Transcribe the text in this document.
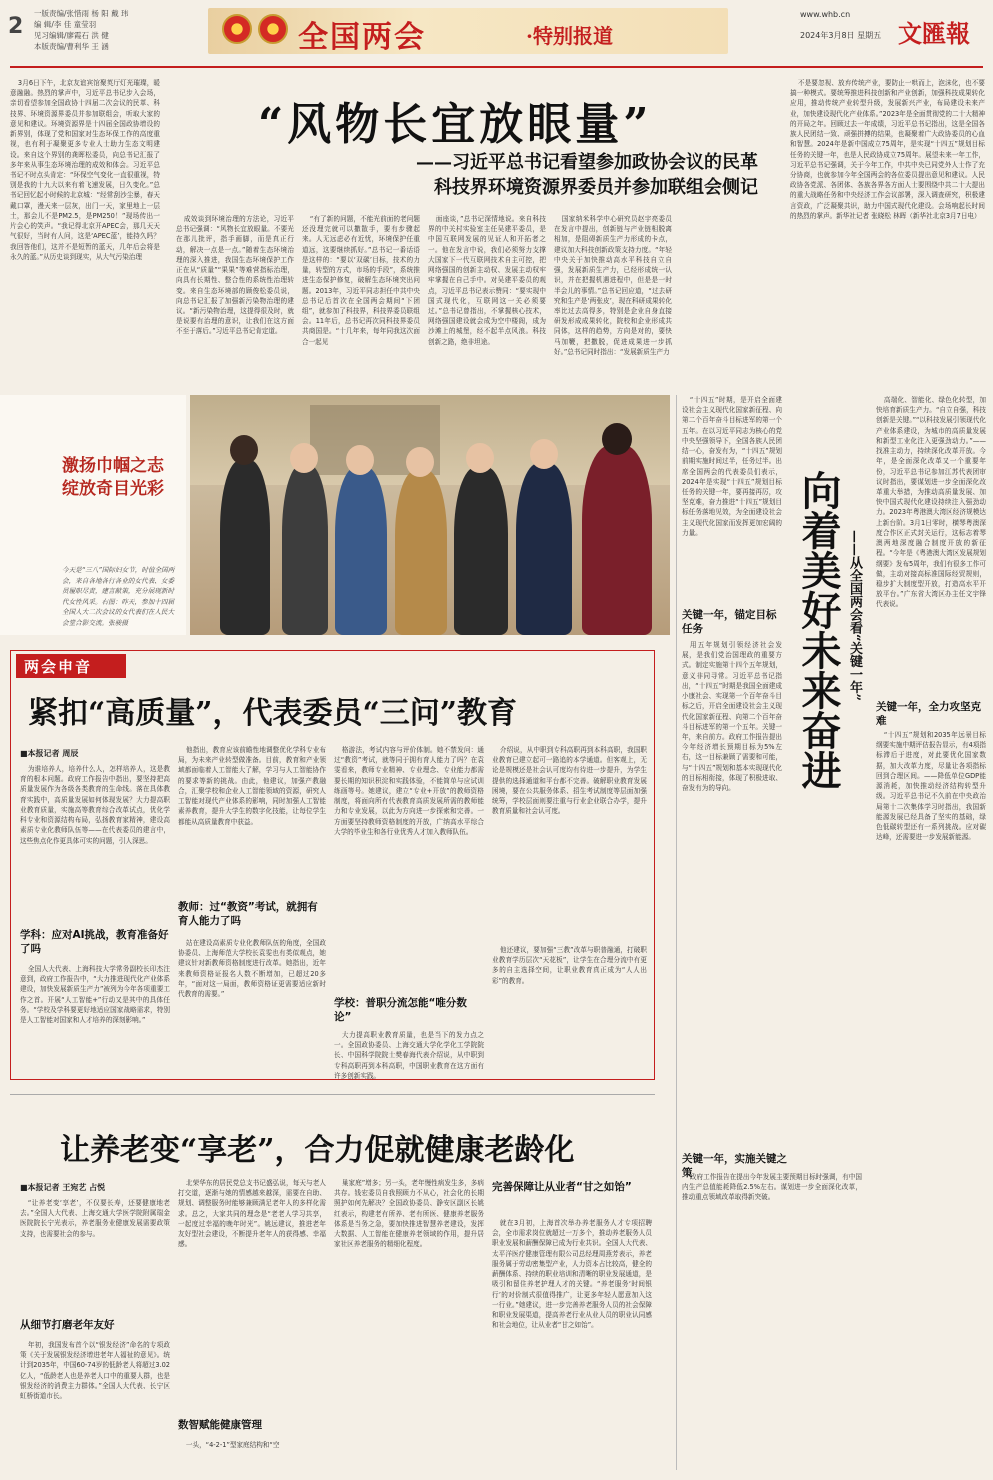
2
一版责编/张惜雨 杨 阳 戴 玮
编 辑/李 佳 童莹羽
见习编辑/廖霞石 洪 健
本版责编/曹利华 王 涵	全国两会	·特别报道
www.whb.cn
2024年3月8日 星期五 文匯報

3月6日下午，北京友谊宾馆聚英厅灯光璀璨，暖意融融。热烈的掌声中，习近平总书记步入会场，亲切看望参加全国政协十四届二次会议的民革、科技界、环境资源界委员并参加联组会，听取大家的意见和建议。环境资源界是十四届全国政协增设的新界别，体现了党和国家对生态环保工作的高度重视，也有利于凝聚更多专业人士助力生态文明建设。来自这个界别的龚晖松委员，向总书记汇报了多年来从事生态环境治理的成效和体会。习近平总书记不时点头肯定：“环保空气变化一直很重视，特别是我的十九大以来有着飞速发展，日久变化。”总书记回忆起小时候的北京城：“经常刮沙尘暴，春天戴口罩，漫天来一层灰，出门一天，家里地上一层土，那会儿不是PM2.5，是PM250！”现场传出一片会心的笑声。“我记得北京开APEC会，那几天天气很好，当时有人问，这是‘APEC蓝’，能持久吗？我回答他们，这并不是短暂的蓝天，几年后会将是永久的蓝。”从历史谈到现实，从大气污染治理

“风物长宜放眼量”
——习近平总书记看望参加政协会议的民革
科技界环境资源界委员并参加联组会侧记

成效谈到环境治理的方法论，习近平总书记强调：“风物长宜放眼量。不要光在那儿批评，指手画脚，而是真正行动，解决一点是一点。”随着生态环境治理的深入推进，我国生态环境保护工作正在从“质量”“果果”等难营指标治理，向具有长期性、整合性的系统性治理转变。来自生态环境部的顾俊松委员说，向总书记汇报了加强新污染物治理的建议。“新污染物治理，这提得很及时，就是说要有治理的意识，让我们在这方面不至于落后。”习近平总书记肯定道。

“有了新的问题，不能光前面的老问题还没理完就可以撒散手，要有步骤起来。人无远虑必有近忧，环境保护任重道远，这要继续抓好。”总书记一番话语是这样的：“要以‘双碳’目标，技术的力量，转型的方式，市场的手段”，系统推进生态保护修复，破解生态环境突出问题。2013年，习近平同志担任中共中央总书记后首次在全国两会期间“下团组”，就参加了科技界，科技界委员联组会。11年后，总书记再次同科技界委员共商国是。“十几年来，每年同我这次面合一起见

面座谈，”总书记深情地说。来自科技界的中关村实验室主任吴建平委员，是中国互联网发展的见证人和开拓者之一。他在发言中说，我们必须努力支撑大国家下一代互联网技术自主可控，把网络强国的创新主动权、发展主动权牢牢掌握在自己手中。对吴建平委员的观点，习近平总书记表示赞同：“要实现中国式现代化，互联网这一关必须要过。”总书记曾指出，不掌握核心技术，网络强国建设就会成为空中楼阁，成为沙滩上的城堡，经不起半点风浪。科技创新之路，绝非坦途。

国家纳米科学中心研究员赵宇亮委员在发言中提出，创新链与产业链相脱离相加，是阻碍新质生产力形成的卡点，建议加大科技创新政策支持力度。“年轻中央关于加快推动高水平科技自立自强，发展新质生产力，已经形成统一认识，并在把握机遇进程中，但是是一时半会儿的事情。”总书记回应道，“过去研究和生产是‘两张皮’，现在科研成果转化率比过去高得多，特别是企业自身直接研发形成成果转化，院校和企业形成共同体，这样的趋势，方向是对的，要快马加鞭，把撒脱，促进成果进一步抓好。”总书记同时指出：“发展新质生产力

不是要忽视、放弃传统产业，要防止一哄而上，泡沫化，也不要搞一种模式。要统筹推进科技创新和产业创新，加强科技成果转化应用，推动传统产业转型升级，发展新兴产业，布局建设未来产业，加快建设现代化产业体系。”2023年是全面贯彻党的二十大精神的开局之年。回顾过去一年成绩，习近平总书记指出，这是全国各族人民团结一致、顽强拼搏的结果，也凝聚着广大政协委员的心血和智慧。2024年是新中国成立75周年，是实现“十四五”规划目标任务的关键一年，也是人民政协成立75周年。展望未来一年工作，习近平总书记强调，关于今年工作，中共中央已同党外人士作了充分协商，也就参加今年全国两会的各位委员提出意见和建议。人民政协各党派、各团体、各族各界各方面人士要围绕中共二十大提出的重大战略任务和中央经济工作会议部署，深入调查研究，积极建言资政，广泛凝聚共识，助力中国式现代化建设。会场响起长时间的热烈的掌声。新华社记者 张晓松 林晖（新华社北京3月7日电）

激扬巾帼之志
绽放奇目光彩
今天是“三八”国际妇女节，时值全国两会，来自各地各行各业的女代表、女委员履职尽责，建言献策，充分展现新时代女性风采。右图：昨天，参加十四届全国人大二次会议的女代表们在人民大会堂合影交流。张骏摄

“十四五”时期，是开启全面建设社会主义现代化国家新征程、向第二个百年奋斗目标进军的第一个五年。在以习近平同志为核心的党中央坚强领导下，全国各族人民团结一心，奋发有为，“十四五”规划前期实施时间过半，任务过半。出席全国两会的代表委员们表示，2024年是实现“十四五”规划目标任务的关键一年，要再接再厉，攻坚克难，奋力推进“十四五”规划目标任务落地见效，为全面建设社会主义现代化国家而发挥更加宏阔的力量。	向着美好未来奋进 ——从全国两会看“关键一年”

高端化、智能化、绿色化转型，加快培育新质生产力。“自立自强，科技创新是关键。”“以科技发展引领现代化产业体系建设，为城市的高质量发展和新型工业化注入更强劲动力。”——找准主动力，持续深化改革开放。今年，是全面深化改革又一个重要年份，习近平总书记参加江苏代表团审议时指出，要谋划进一步全面深化改革重大举措，为推动高质量发展、加快中国式现代化建设持续注入强劲动力。2023年粤港澳大湾区经济规模达上新台阶。3月1日零时，横琴粤澳深度合作区正式封关运行，这标志着琴澳两地深度融合制度开放的新征程。“今年是《粤港澳大湾区发展规划纲要》发布5周年，我们有很多工作可做，主动对接高标准国际经贸规则，稳步扩大制度型开放，打造高水平开放平台。”广东省大湾区办主任文宇锋代表说。

关键一年，锚定目标任务

用五年规划引领经济社会发展，是我们党治国理政的重要方式。制定实施第十四个五年规划，意义非同寻常。习近平总书记指出，“十四五”时期是我国全面建成小康社会、实现第一个百年奋斗目标之后，开启全面建设社会主义现代化国家新征程、向第二个百年奋斗目标进军的第一个五年。关键一年，来自前方。政府工作报告提出今年经济增长预期目标为5%左右，这一目标兼顾了需要和可能，与“十四五”规划和基本实现现代化的目标相衔接，体现了积极进取、奋发有为的导向。

关键一年，全力攻坚克难

“十四五”规划和2035年远景目标纲要实施中期评估报告显示，有4项指标滞后于进度，对此要优化国家数据，加大改革力度，尽量让各项指标回到合理区间。——降低单位GDP能源消耗，加快推动经济结构转型升级。习近平总书记不久前在中央政治局第十二次集体学习时指出，我国新能源发展已经具备了坚实的基础，绿色低碳转型还有一系列挑战。应对碳达峰，还需要进一步发展新能源。

关键一年，实施关键之策

政府工作报告在提出今年发展主要预期目标时强调，有中国内生产总值能耗降低2.5%左右。谋划进一步全面深化改革，推动重点领域改革取得新突破。

两会申音
紧扣“高质量”，代表委员“三问”教育
■本报记者 周辰

为谁培养人，培养什么人，怎样培养人，这是教育的根本问题。政府工作报告中指出，要坚持把高质量发展作为各级各类教育的生命线。落在具体教育实践中，高质量发展如何体现发展？大力提高职业教育质量，实施高等教育综合改革试点，优化学科专业和资源结构布局，弘扬教育家精神，建设高素质专业化教师队伍等——在代表委员的建言中，这些焦点化作更具体可实的问题，引人深思。

学科：应对AI挑战，教育准备好了吗

全国人大代表、上海科技大学常务副校长印杰注意到，政府工作报告中，“大力推进现代化产业体系建设，加快发展新质生产力”被列为今年各项重要工作之首。开展“人工智能+”行动又是其中的具体任务。“学校及学科要更好地适应国家战略需求，特别是人工智能对国家和人才培养的深刻影响。”

他指出，教育应该前瞻性地调整优化学科专业布局，为未来产业转型做准备。目前，教育和产业领域都面临着人工智能大了解，学习与人工智能协作的要求等新的挑战。由此，他建议，加强产教融合，汇聚学校和企业人工智能领域的资源，研究人工智能对现代产业体系的影响，同时加强人工智能素养教育，提升大学生的数字化技能，让每位学生都能从高质量教育中获益。

教师：过“教资”考试，就拥有育人能力了吗

站在建设高素质专业化教师队伍的角度，全国政协委员、上海师范大学校长袁雯也有类似观点，她建议针对新教师资格制度进行改革。她指出，近年来教师资格证报名人数不断增加，已超过20多年，“面对这一局面，教师资格证更需要适应新时代教育的需要。”

格游法，考试内容与评价体制。她不禁发问：通过“教资”考试，就等同于拥有育人能力了吗？在袁雯看来，教师专业精神、专业理念、专业能力都需要长期的知识积淀和实践体验，不能简单与应试训练画等号。她建议，建立“专业+开放”的教师资格制度，将面向所有代表教育高质发展所需的教师能力和专业发展，以此为方向进一步探索和完善。一方面要坚持教师资格制度的开放，广纳高水平综合大学的毕业生和各行业优秀人才加入教师队伍。

学校：普职分流怎能“唯分数论”

大力提高职业教育质量，也是当下的发力点之一。全国政协委员、上海交通大学化学化工学院院长、中国科学院院士樊春海代表介绍说，从中职到专科高职再到本科高职，中国职业教育在这方面有许多创新实践。

介绍说，从中职到专科高职再到本科高职，我国职业教育已建立起可一路追的本学通道。但客观上，无论是规模还是社会认可度均有待进一步提升，为学生提供的选择通道和平台都不完善。破解职业教育发展困境，要在公共服务体系、招生考试制度等层面加强统筹，学校层面则要注重与行业企业联合办学，提升教育质量和社会认可度。

他还建议，要加强“三教”改革与职普融通，打破职业教育学历层次“天花板”，让学生在合理分流中有更多的自主选择空间，让职业教育真正成为“人人出彩”的教育。

让养老变“享老”，合力促就健康老龄化
■本报记者 王宛艺 占悦

“让养老变‘享老’，不仅要长寿，还要健康地老去。”全国人大代表、上海交通大学医学院附属瑞金医院院长宁光表示，养老服务业健康发展需要政策支持，也需要社会的参与。

从细节打磨老年友好

年初，我国发布首个以“银发经济”命名的专项政策《关于发展银发经济增进老年人福祉的意见》。统计到2035年，中国60-74岁的低龄老人将超过3.02亿人，“低龄老人也是养老人口中的重要人群，也是银发经济的消费主力群体。”全国人大代表、长宁区虹桥街道市长。

北荣华东的居民党总支书记盛弘说，每天与老人打交道，逐渐与她的情感越来越深，需要在自助、规划、调整服务时能够兼顾满足老年人的多样化需求。总之，大家共同的理念是“老老人学习共享，一起度过幸福的晚年时光”。姚远建议，推进老年友好型社会建设，不断提升老年人的获得感、幸福感。

数智赋能健康管理

一头，“4-2-1”型家庭结构和“空

巢家庭”增多；另一头，老年慢性病发生多，多病共存。钱宏委员自我照顾力不从心，社会化的长期照护如何先解决？全国政协委员、静安区副区长姚红表示，构建老有所养、老有所医、健康养老服务体系是当务之急，要加快推进智慧养老建设，发挥大数据、人工智能在健康养老领域的作用，提升居家社区养老服务的精细化程度。

完善保障让从业者“甘之如饴”

就在3月初，上海首次举办养老服务人才专项招聘会，全市需求岗位就超过一万多个，推动养老服务人员职业发展和薪酬保障已成为行业共识。全国人大代表、太平洋医疗健康管理有限公司总经理周燕芳表示，养老服务属于劳动密集型产业，人力资本占比较高，健全的薪酬体系、持续的职业培训和清晰的职业发展通道，是吸引和留住养老护理人才的关键。“养老服务‘时间银行’的对价制式很值得推广，让更多年轻人愿意加入这一行业。”她建议，进一步完善养老服务人员的社会保障和职业发展渠道，提高养老行业从业人员的职业认同感和社会地位，让从业者“甘之如饴”。
